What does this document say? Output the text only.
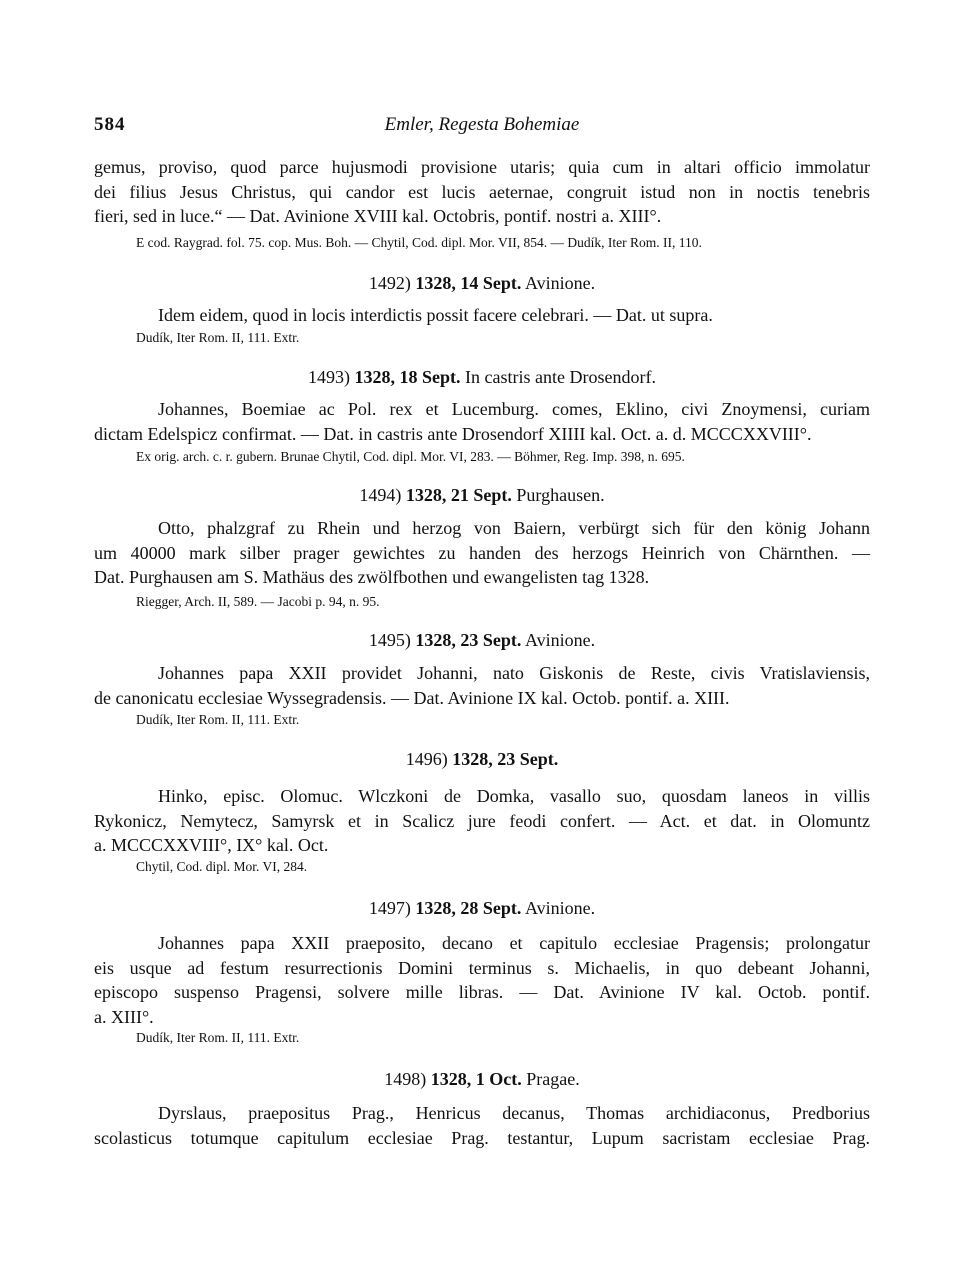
584	Emler, Regesta Bohemiae
gemus, proviso, quod parce hujusmodi provisione utaris; quia cum in altari officio immolatur
dei filius Jesus Christus, qui candor est lucis aeternae, congruit istud non in noctis tenebris
fieri, sed in luce.“ — Dat. Avinione XVIII kal. Octobris, pontif. nostri a. XIII°.
E cod. Raygrad. fol. 75. cop. Mus. Boh. — Chytil, Cod. dipl. Mor. VII, 854. — Dudík, Iter Rom. II, 110.
1492) 1328, 14 Sept. Avinione.
Idem eidem, quod in locis interdictis possit facere celebrari. — Dat. ut supra.
Dudík, Iter Rom. II, 111. Extr.
1493) 1328, 18 Sept. In castris ante Drosendorf.
Johannes, Boemiae ac Pol. rex et Lucemburg. comes, Eklino, civi Znoymensi, curiam
dictam Edelspicz confirmat. — Dat. in castris ante Drosendorf XIIII kal. Oct. a. d. MCCCXXVIII°.
Ex orig. arch. c. r. gubern. Brunae Chytil, Cod. dipl. Mor. VI, 283. — Böhmer, Reg. Imp. 398, n. 695.
1494) 1328, 21 Sept. Purghausen.
Otto, phalzgraf zu Rhein und herzog von Baiern, verbürgt sich für den könig Johann
um 40000 mark silber prager gewichtes zu handen des herzogs Heinrich von Chärnthen. —
Dat. Purghausen am S. Mathäus des zwölfbothen und ewangelisten tag 1328.
Riegger, Arch. II, 589. — Jacobi p. 94, n. 95.
1495) 1328, 23 Sept. Avinione.
Johannes papa XXII providet Johanni, nato Giskonis de Reste, civis Vratislaviensis,
de canonicatu ecclesiae Wyssegradensis. — Dat. Avinione IX kal. Octob. pontif. a. XIII.
Dudík, Iter Rom. II, 111. Extr.
1496) 1328, 23 Sept.
Hinko, episc. Olomuc. Wlczkoni de Domka, vasallo suo, quosdam laneos in villis
Rykonicz, Nemytecz, Samyrsk et in Scalicz jure feodi confert. — Act. et dat. in Olomuntz
a. MCCCXXVIII°, IX° kal. Oct.
Chytil, Cod. dipl. Mor. VI, 284.
1497) 1328, 28 Sept. Avinione.
Johannes papa XXII praeposito, decano et capitulo ecclesiae Pragensis; prolongatur
eis usque ad festum resurrectionis Domini terminus s. Michaelis, in quo debeant Johanni,
episcopo suspenso Pragensi, solvere mille libras. — Dat. Avinione IV kal. Octob. pontif.
a. XIII°.
Dudík, Iter Rom. II, 111. Extr.
1498) 1328, 1 Oct. Pragae.
Dyrslaus, praepositus Prag., Henricus decanus, Thomas archidiaconus, Predborius
scolasticus totumque capitulum ecclesiae Prag. testantur, Lupum sacristam ecclesiae Prag.
